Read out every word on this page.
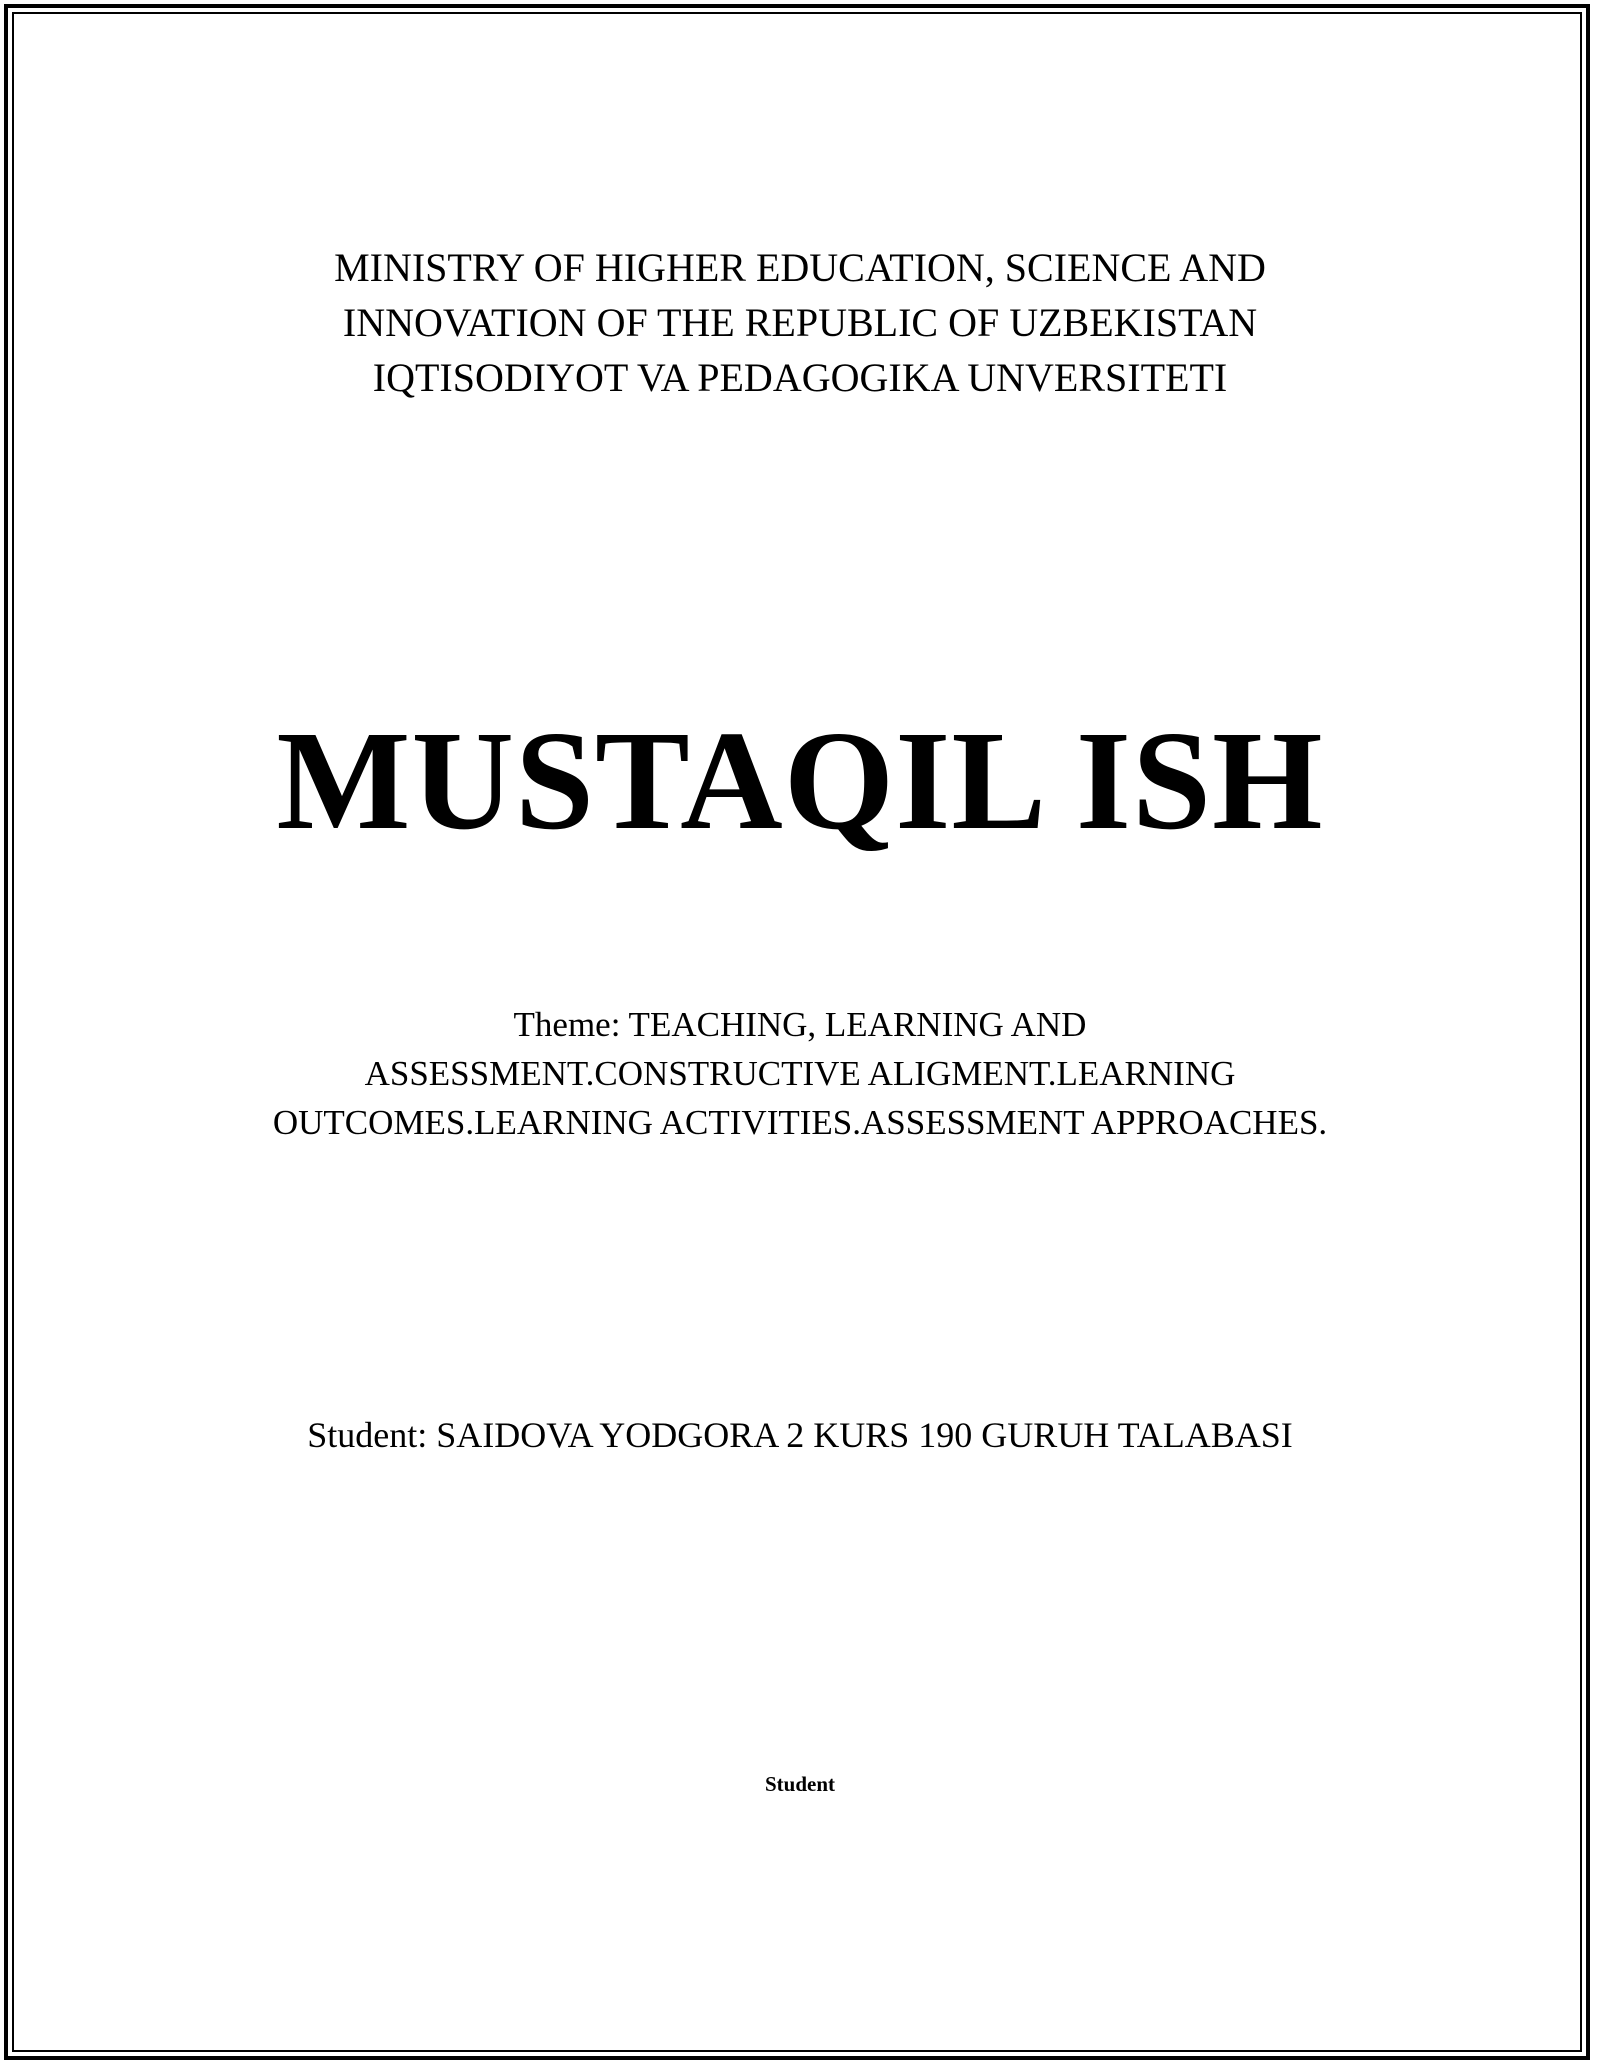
MINISTRY OF HIGHER EDUCATION, SCIENCE AND
INNOVATION OF THE REPUBLIC OF UZBEKISTAN
IQTISODIYOT VA PEDAGOGIKA UNVERSITETI
MUSTAQIL ISH
Theme: TEACHING, LEARNING AND
ASSESSMENT.CONSTRUCTIVE ALIGMENT.LEARNING
OUTCOMES.LEARNING ACTIVITIES.ASSESSMENT APPROACHES.
Student: SAIDOVA YODGORA 2 KURS 190 GURUH TALABASI
Student
